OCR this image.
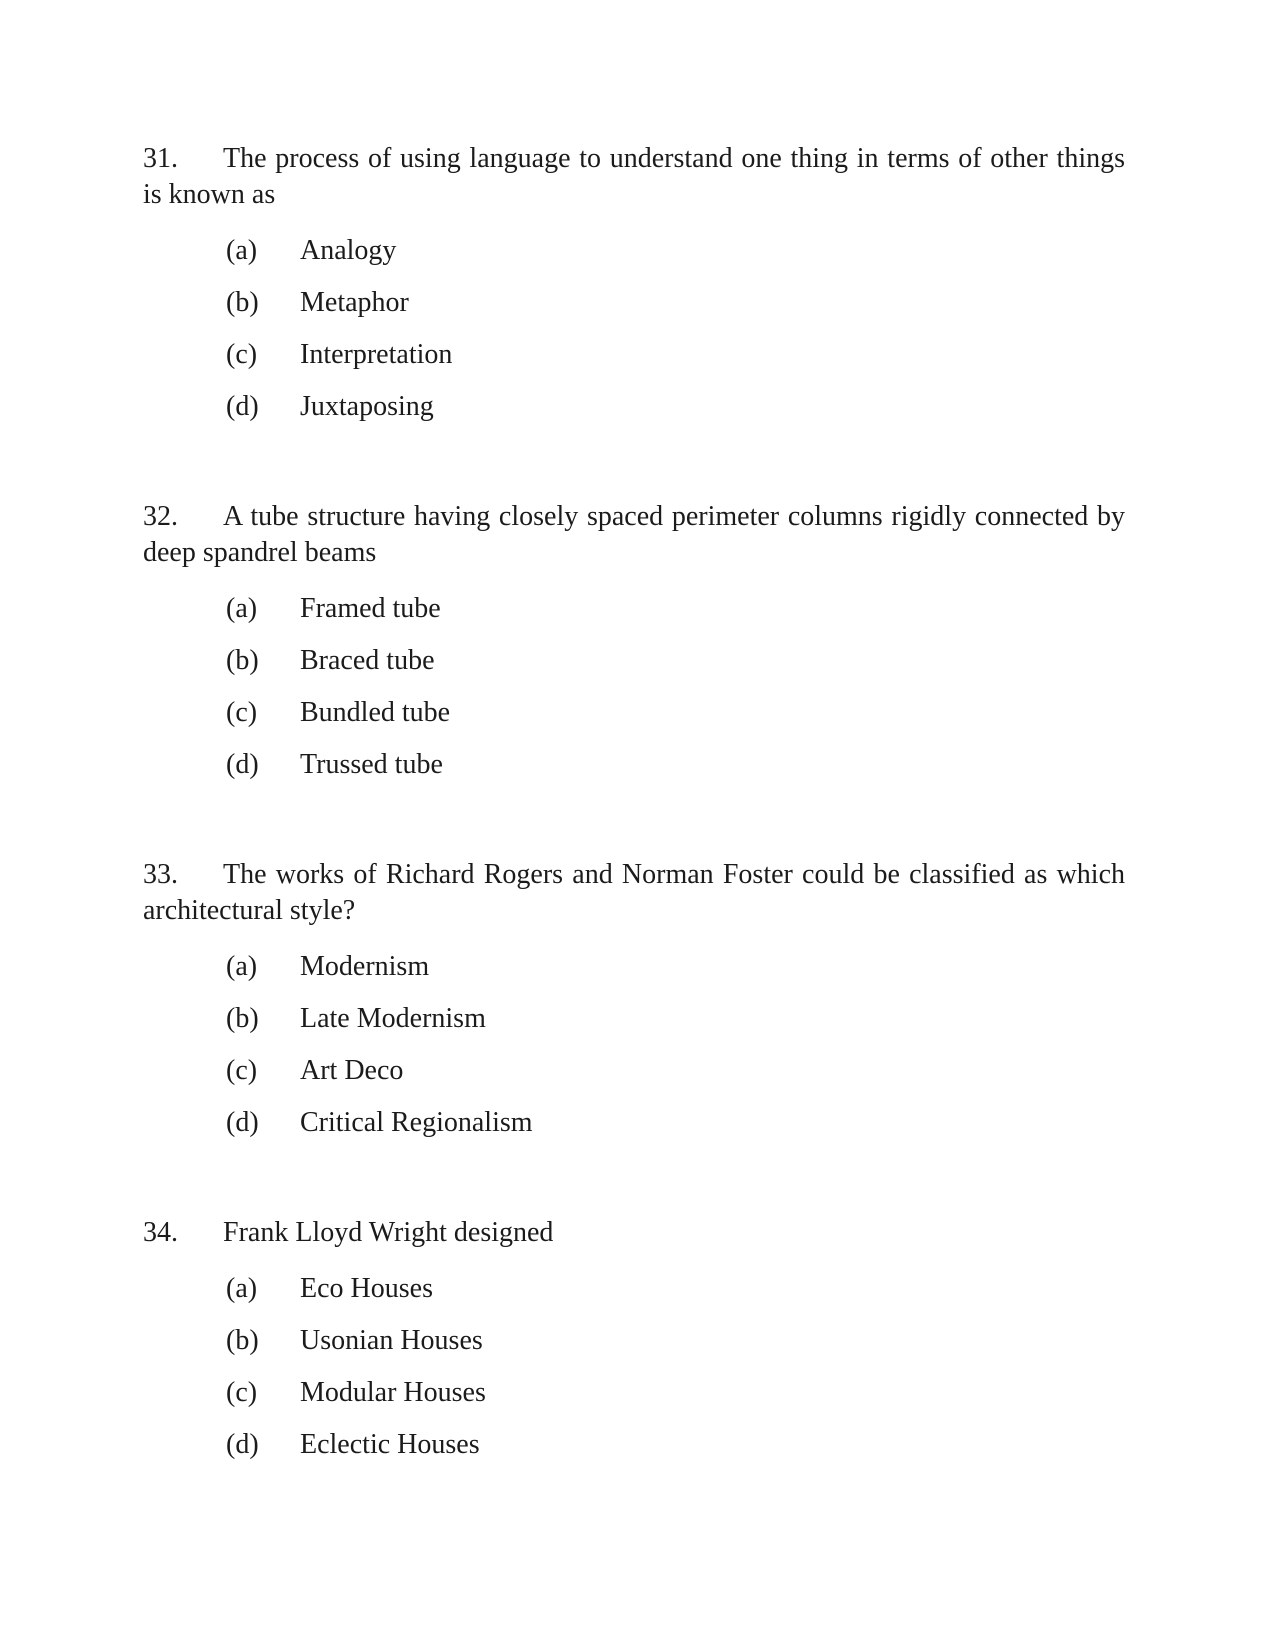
31. The process of using language to understand one thing in terms of other things is known as

(a)	Analogy
(b)	Metaphor
(c)	Interpretation
(d)	Juxtaposing

32. A tube structure having closely spaced perimeter columns rigidly connected by deep spandrel beams

(a)	Framed tube
(b)	Braced tube
(c)	Bundled tube
(d)	Trussed tube

33. The works of Richard Rogers and Norman Foster could be classified as which architectural style?

(a)	Modernism
(b)	Late Modernism
(c)	Art Deco
(d)	Critical Regionalism

34. Frank Lloyd Wright designed

(a)	Eco Houses
(b)	Usonian Houses
(c)	Modular Houses
(d)	Eclectic Houses
